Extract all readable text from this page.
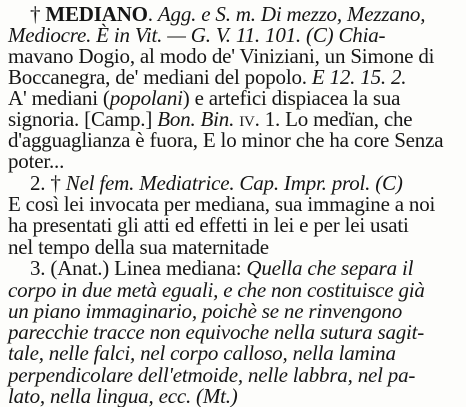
† MEDIANO. Agg. e S. m. Di mezzo, Mezzano,
Mediocre. È in Vit. — G. V. 11. 101. (C) Chia-
mavano Dogio, al modo de' Viniziani, un Simone di
Boccanegra, de' mediani del popolo. E 12. 15. 2.
A' mediani (popolani) e artefici dispiacea la sua
signoria. [Camp.] Bon. Bin. iv. 1. Lo medïan, che
d'agguaglianza è fuora, E lo minor che ha core Senza
poter...
2. † Nel fem. Mediatrice. Cap. Impr. prol. (C)
E così lei invocata per mediana, sua immagine a noi
ha presentati gli atti ed effetti in lei e per lei usati
nel tempo della sua maternitade
3. (Anat.) Linea mediana: Quella che separa il
corpo in due metà eguali, e che non costituisce già
un piano immaginario, poichè se ne rinvengono
parecchie tracce non equivoche nella sutura sagit-
tale, nelle falci, nel corpo calloso, nella lamina
perpendicolare dell'etmoide, nelle labbra, nel pa-
lato, nella lingua, ecc. (Mt.)
